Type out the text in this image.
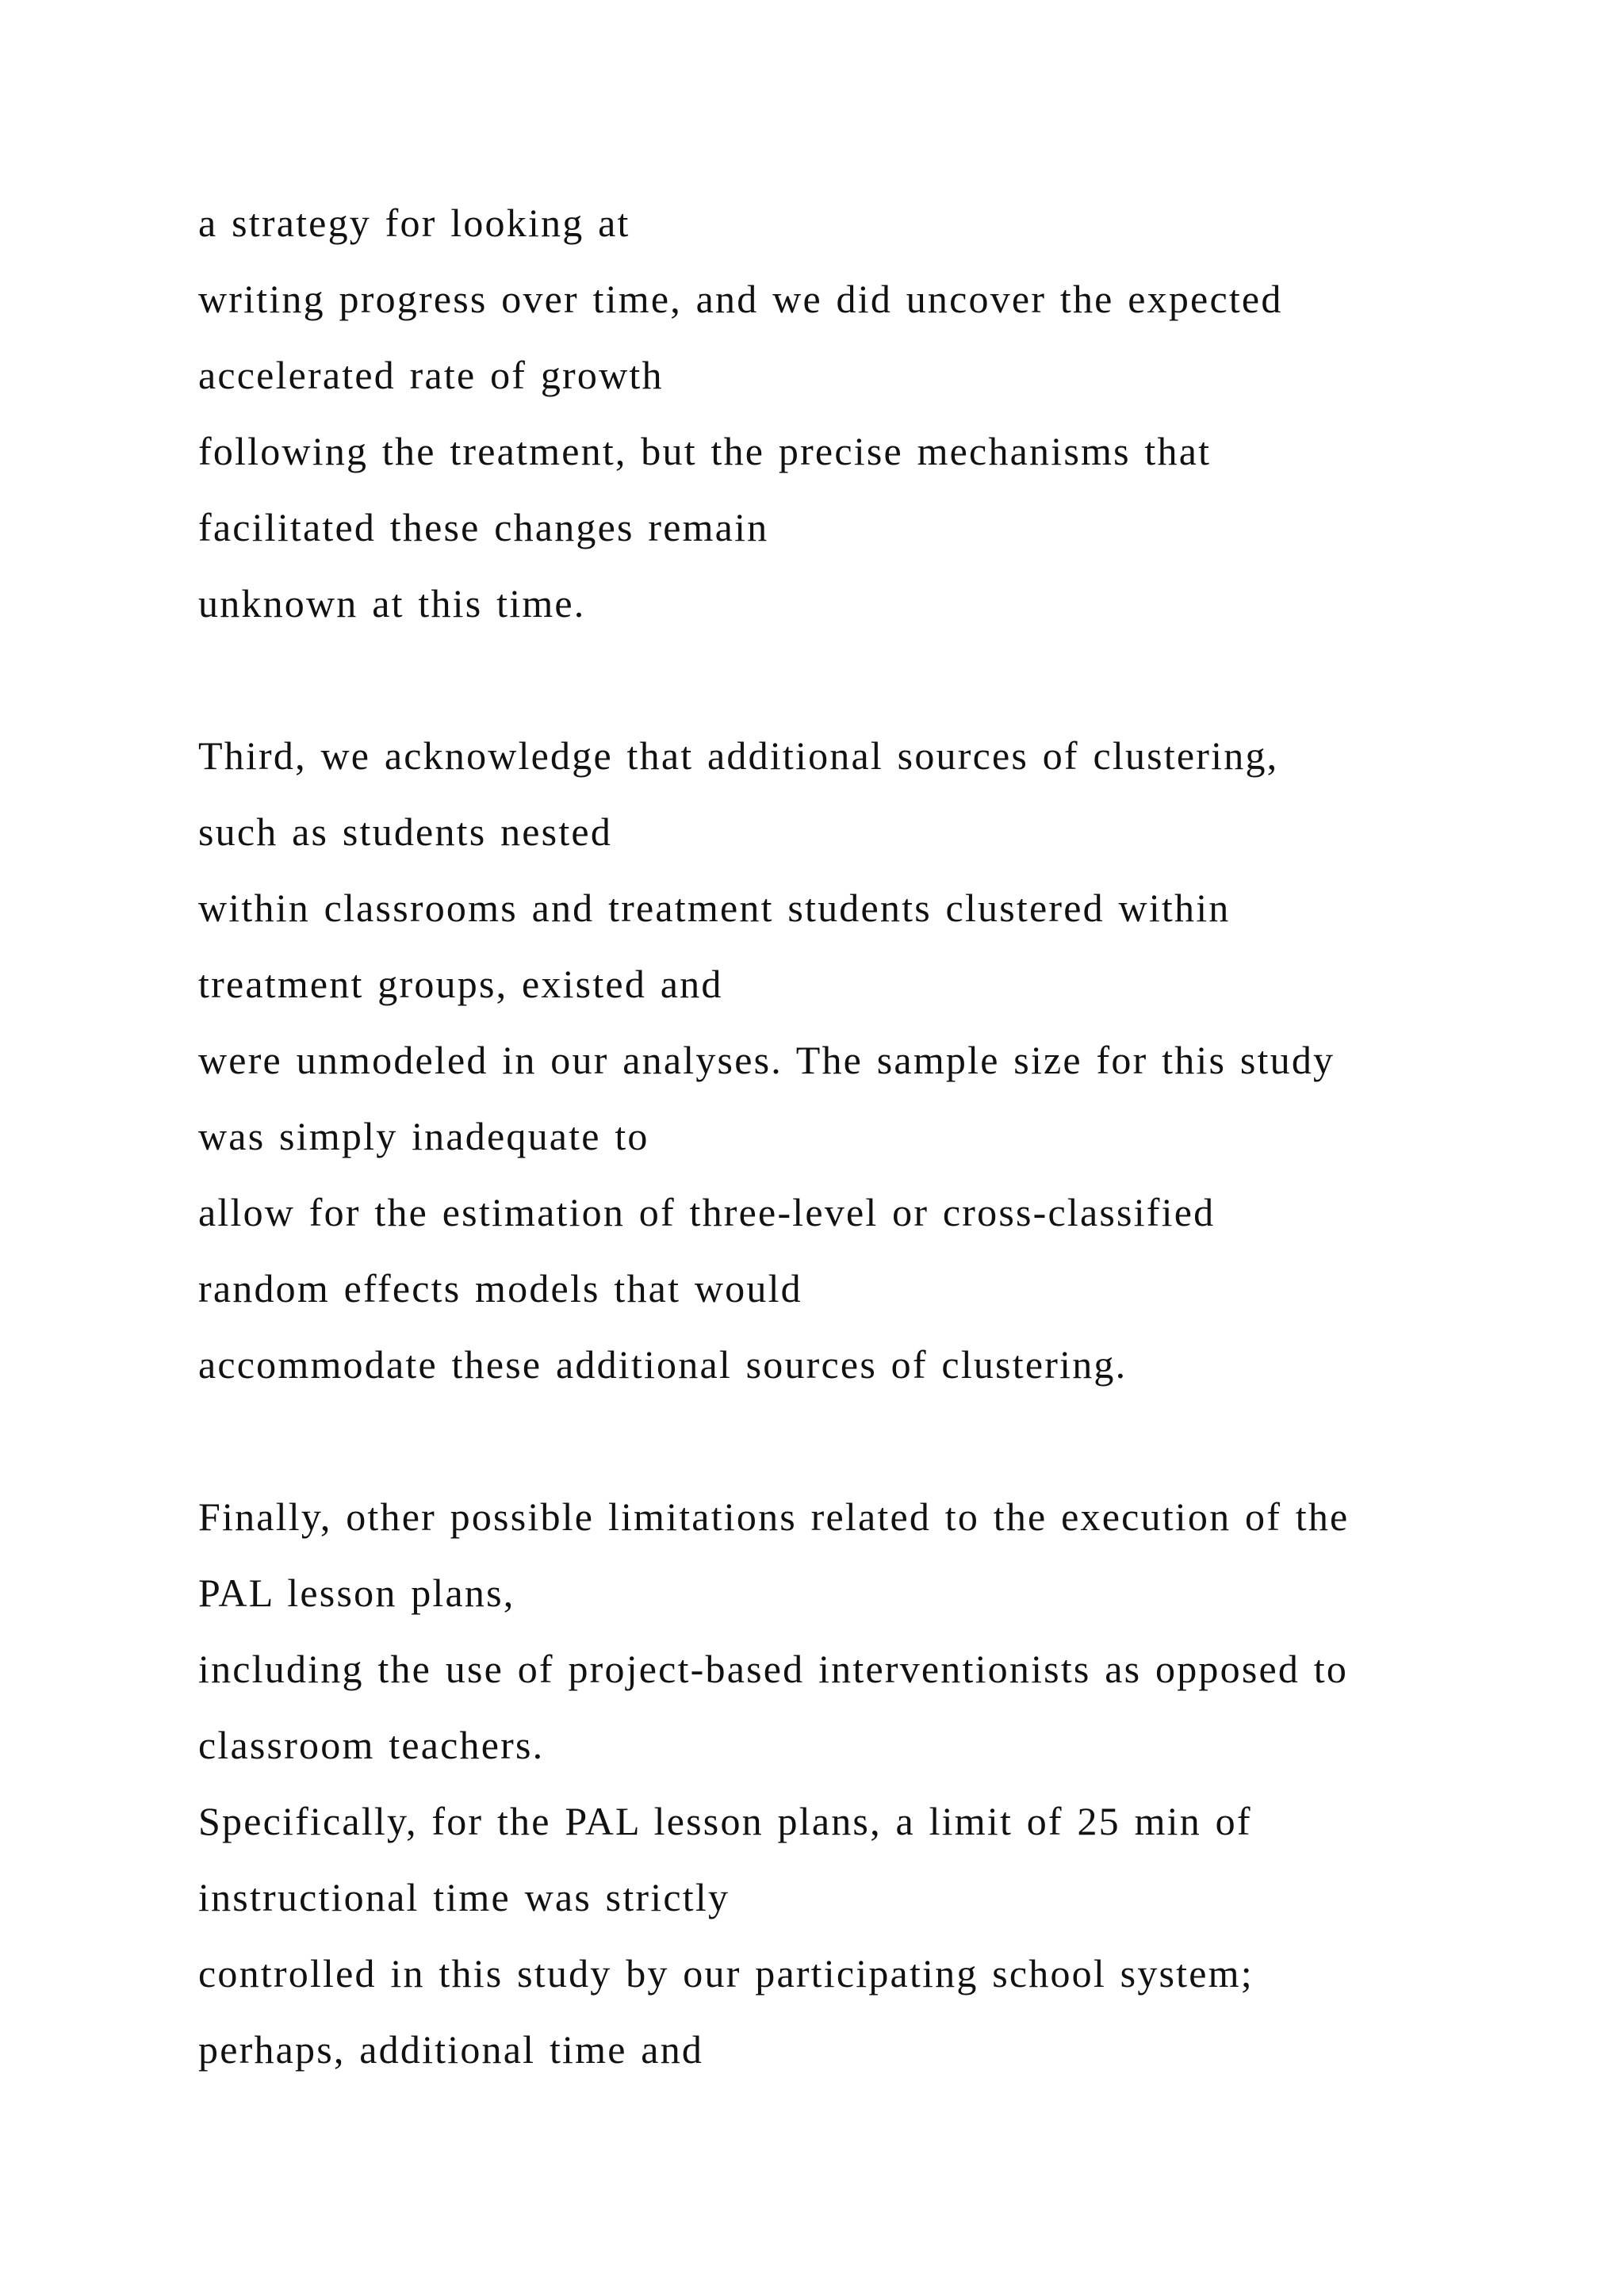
a strategy for looking at

writing progress over time, and we did uncover the expected

accelerated rate of growth

following the treatment, but the precise mechanisms that

facilitated these changes remain

unknown at this time.

Third, we acknowledge that additional sources of clustering,

such as students nested

within classrooms and treatment students clustered within

treatment groups, existed and

were unmodeled in our analyses. The sample size for this study

was simply inadequate to

allow for the estimation of three-level or cross-classified

random effects models that would

accommodate these additional sources of clustering.

Finally, other possible limitations related to the execution of the

PAL lesson plans,

including the use of project-based interventionists as opposed to

classroom teachers.

Specifically, for the PAL lesson plans, a limit of 25 min of

instructional time was strictly

controlled in this study by our participating school system;

perhaps, additional time and
